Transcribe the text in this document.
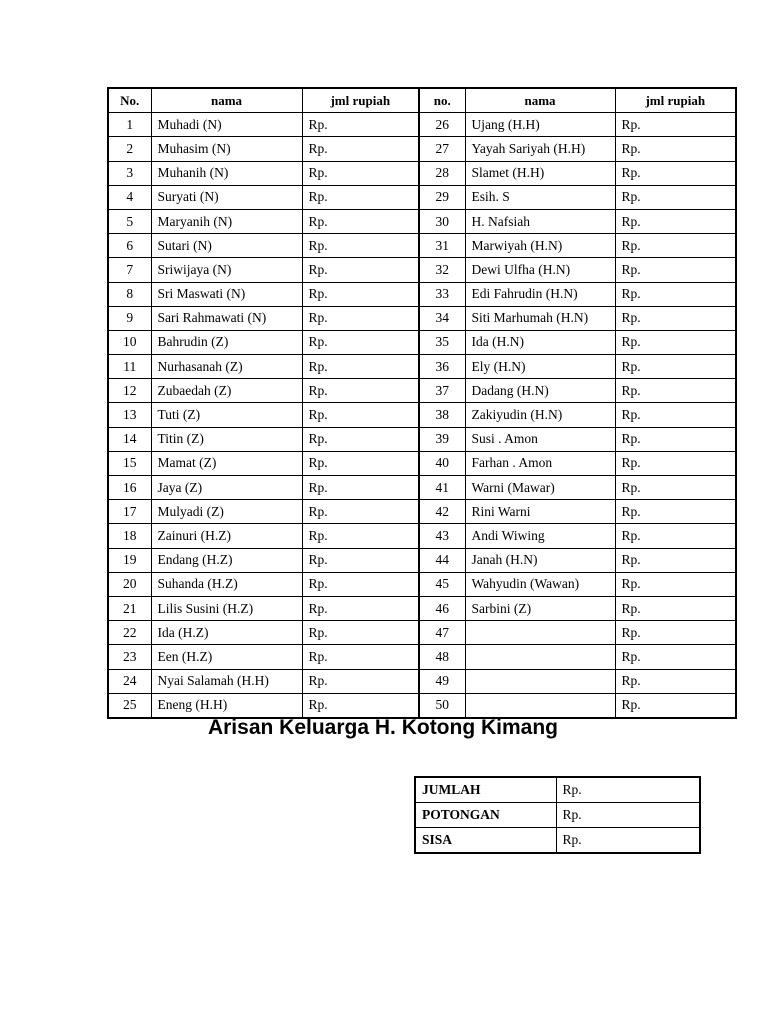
No.	nama	jml rupiah	no.	nama	jml rupiah
1	Muhadi (N)	Rp.	26	Ujang (H.H)	Rp.
2	Muhasim (N)	Rp.	27	Yayah Sariyah (H.H)	Rp.
3	Muhanih (N)	Rp.	28	Slamet (H.H)	Rp.
4	Suryati (N)	Rp.	29	Esih. S	Rp.
5	Maryanih (N)	Rp.	30	H. Nafsiah	Rp.
6	Sutari (N)	Rp.	31	Marwiyah (H.N)	Rp.
7	Sriwijaya (N)	Rp.	32	Dewi Ulfha (H.N)	Rp.
8	Sri Maswati (N)	Rp.	33	Edi Fahrudin (H.N)	Rp.
9	Sari Rahmawati (N)	Rp.	34	Siti Marhumah (H.N)	Rp.
10	Bahrudin (Z)	Rp.	35	Ida (H.N)	Rp.
11	Nurhasanah (Z)	Rp.	36	Ely (H.N)	Rp.
12	Zubaedah (Z)	Rp.	37	Dadang (H.N)	Rp.
13	Tuti (Z)	Rp.	38	Zakiyudin (H.N)	Rp.
14	Titin (Z)	Rp.	39	Susi . Amon	Rp.
15	Mamat (Z)	Rp.	40	Farhan . Amon	Rp.
16	Jaya (Z)	Rp.	41	Warni (Mawar)	Rp.
17	Mulyadi (Z)	Rp.	42	Rini Warni	Rp.
18	Zainuri (H.Z)	Rp.	43	Andi Wiwing	Rp.
19	Endang (H.Z)	Rp.	44	Janah (H.N)	Rp.
20	Suhanda (H.Z)	Rp.	45	Wahyudin (Wawan)	Rp.
21	Lilis Susini (H.Z)	Rp.	46	Sarbini (Z)	Rp.
22	Ida (H.Z)	Rp.	47		Rp.
23	Een (H.Z)	Rp.	48		Rp.
24	Nyai Salamah (H.H)	Rp.	49		Rp.
25	Eneng (H.H)	Rp.	50		Rp.
Arisan Keluarga H. Kotong Kimang
JUMLAH	Rp.
POTONGAN	Rp.
SISA	Rp.
